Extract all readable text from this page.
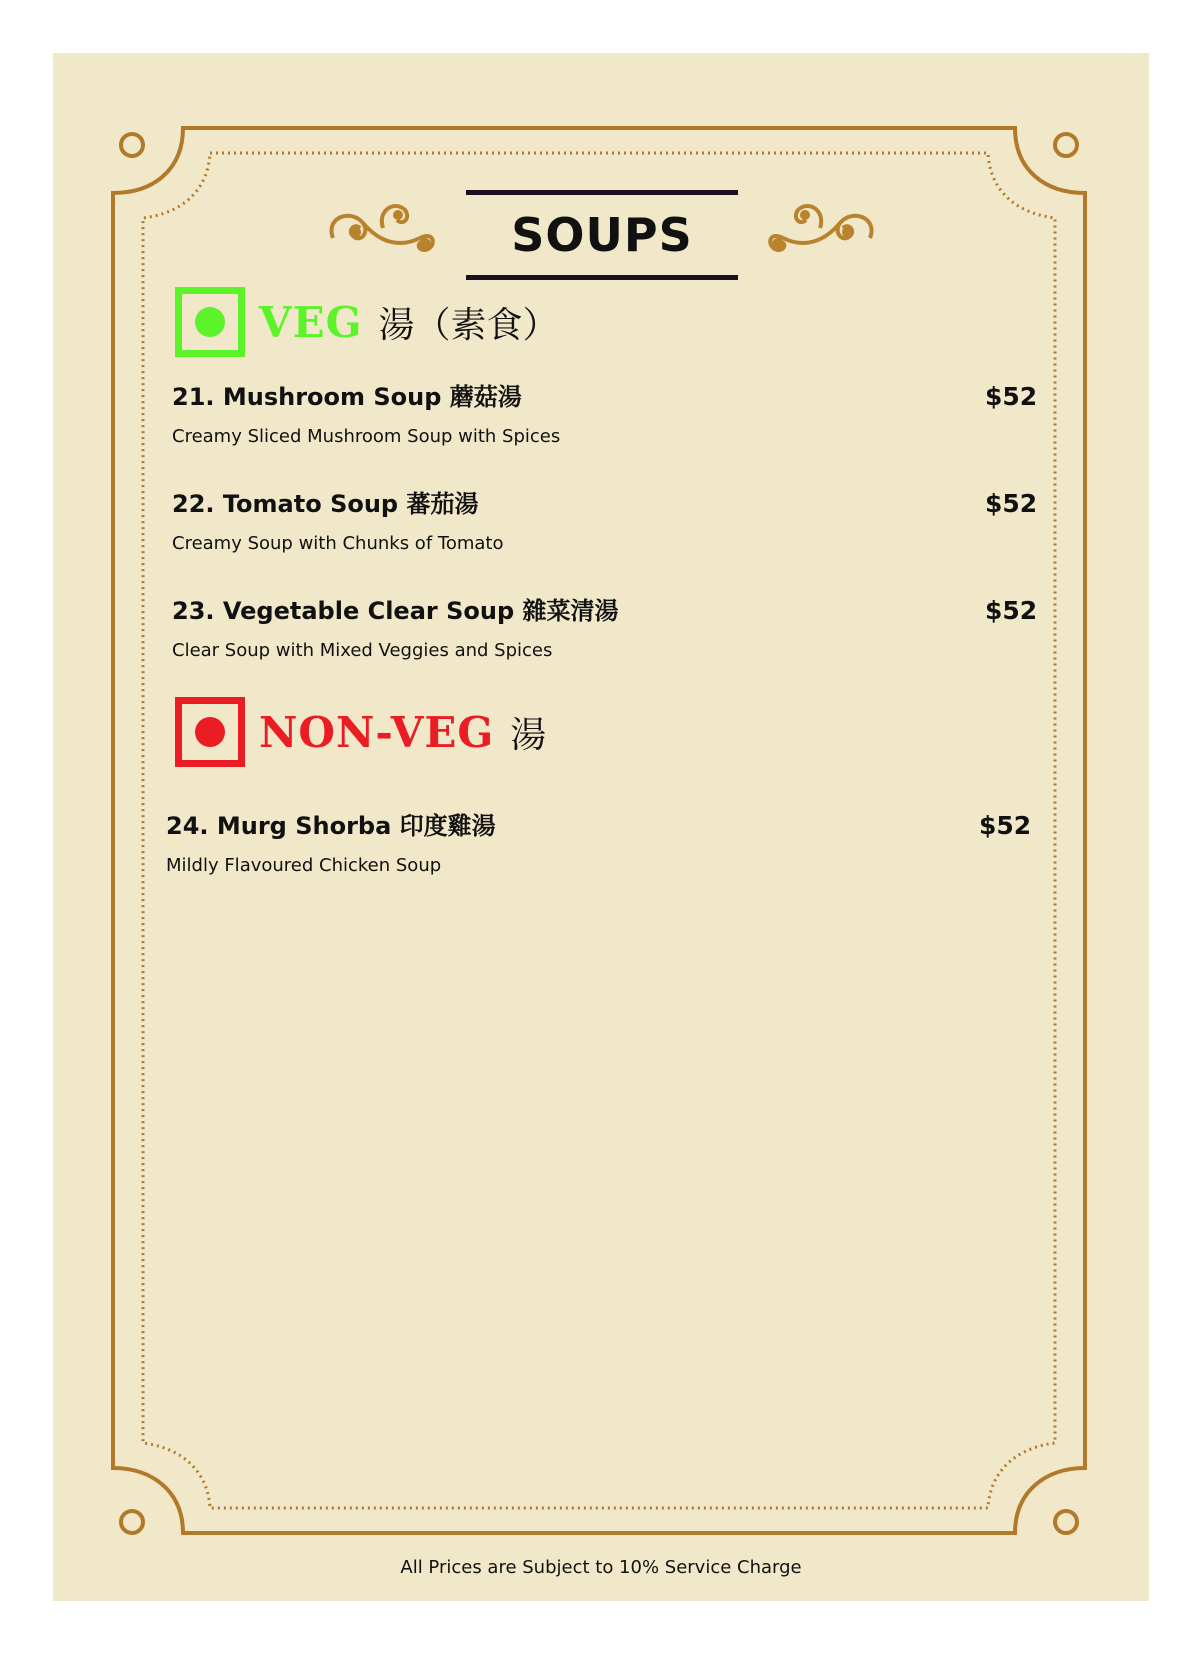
SOUPS
VEG 湯（素食）
21. Mushroom Soup 蘑菇湯
Creamy Sliced Mushroom Soup with Spices
$52
22. Tomato Soup 蕃茄湯
Creamy Soup with Chunks of Tomato
$52
23. Vegetable Clear Soup 雜菜清湯
Clear Soup with Mixed Veggies and Spices
$52
NON-VEG 湯
24. Murg Shorba 印度雞湯
Mildly Flavoured Chicken Soup
$52
All Prices are Subject to 10% Service Charge
